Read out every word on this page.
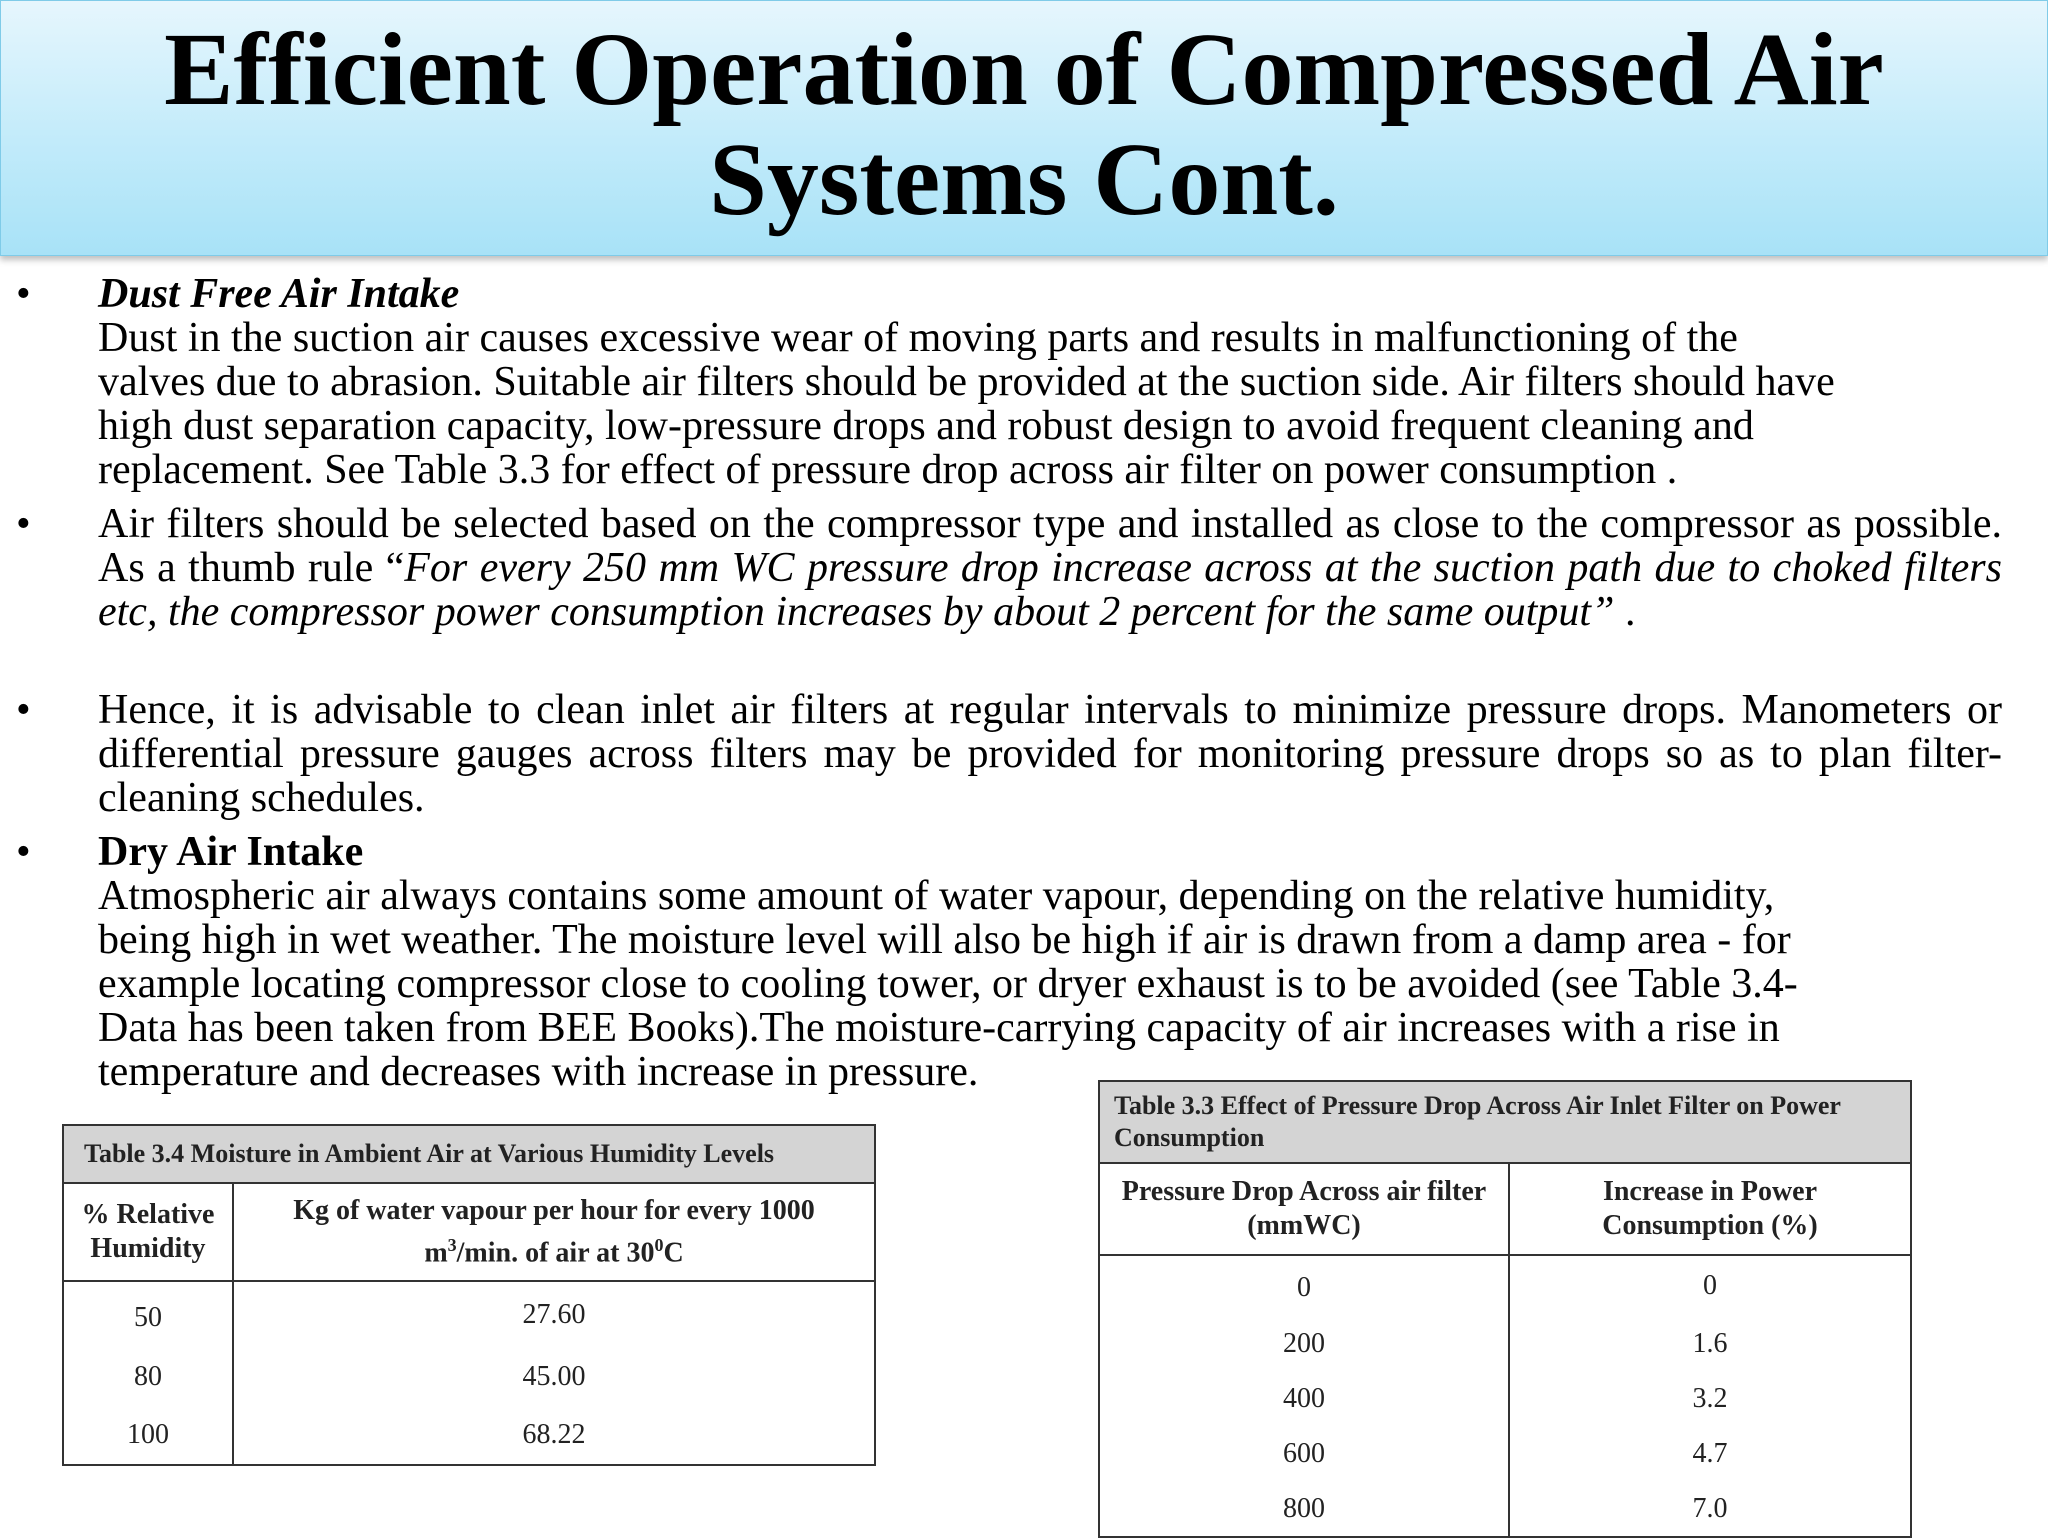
Efficient Operation of Compressed Air Systems Cont.
• Dust Free Air Intake
Dust in the suction air causes excessive wear of moving parts and results in malfunctioning of the
valves due to abrasion. Suitable air filters should be provided at the suction side. Air filters should have
high dust separation capacity, low-pressure drops and robust design to avoid frequent cleaning and
replacement. See Table 3.3 for effect of pressure drop across air filter on power consumption .
• Air filters should be selected based on the compressor type and installed as close to the compressor as possible. As a thumb rule “For every 250 mm WC pressure drop increase across at the suction path due to choked filters etc, the compressor power consumption increases by about 2 percent for the same output” .

• Hence, it is advisable to clean inlet air filters at regular intervals to minimize pressure drops. Manometers or differential pressure gauges across filters may be provided for monitoring pressure drops so as to plan filter-cleaning schedules.

• Dry Air Intake
Atmospheric air always contains some amount of water vapour, depending on the relative humidity,
being high in wet weather. The moisture level will also be high if air is drawn from a damp area - for
example locating compressor close to cooling tower, or dryer exhaust is to be avoided (see Table 3.4-
Data has been taken from BEE Books).The moisture-carrying capacity of air increases with a rise in
temperature and decreases with increase in pressure.
Table 3.4 Moisture in Ambient Air at Various Humidity Levels	
% Relative Humidity	Kg of water vapour per hour for every 1000
$m^3/\min$. of air at $30^0C$
50	27.60
80	45.00
100	68.22
Table 3.3 Effect of Pressure Drop Across Air Inlet Filter on Power Consumption	
Pressure Drop Across air filter (mmWC)	Increase in Power Consumption (%)
0	0
200	1.6
400	3.2
600	4.7
800	7.0
